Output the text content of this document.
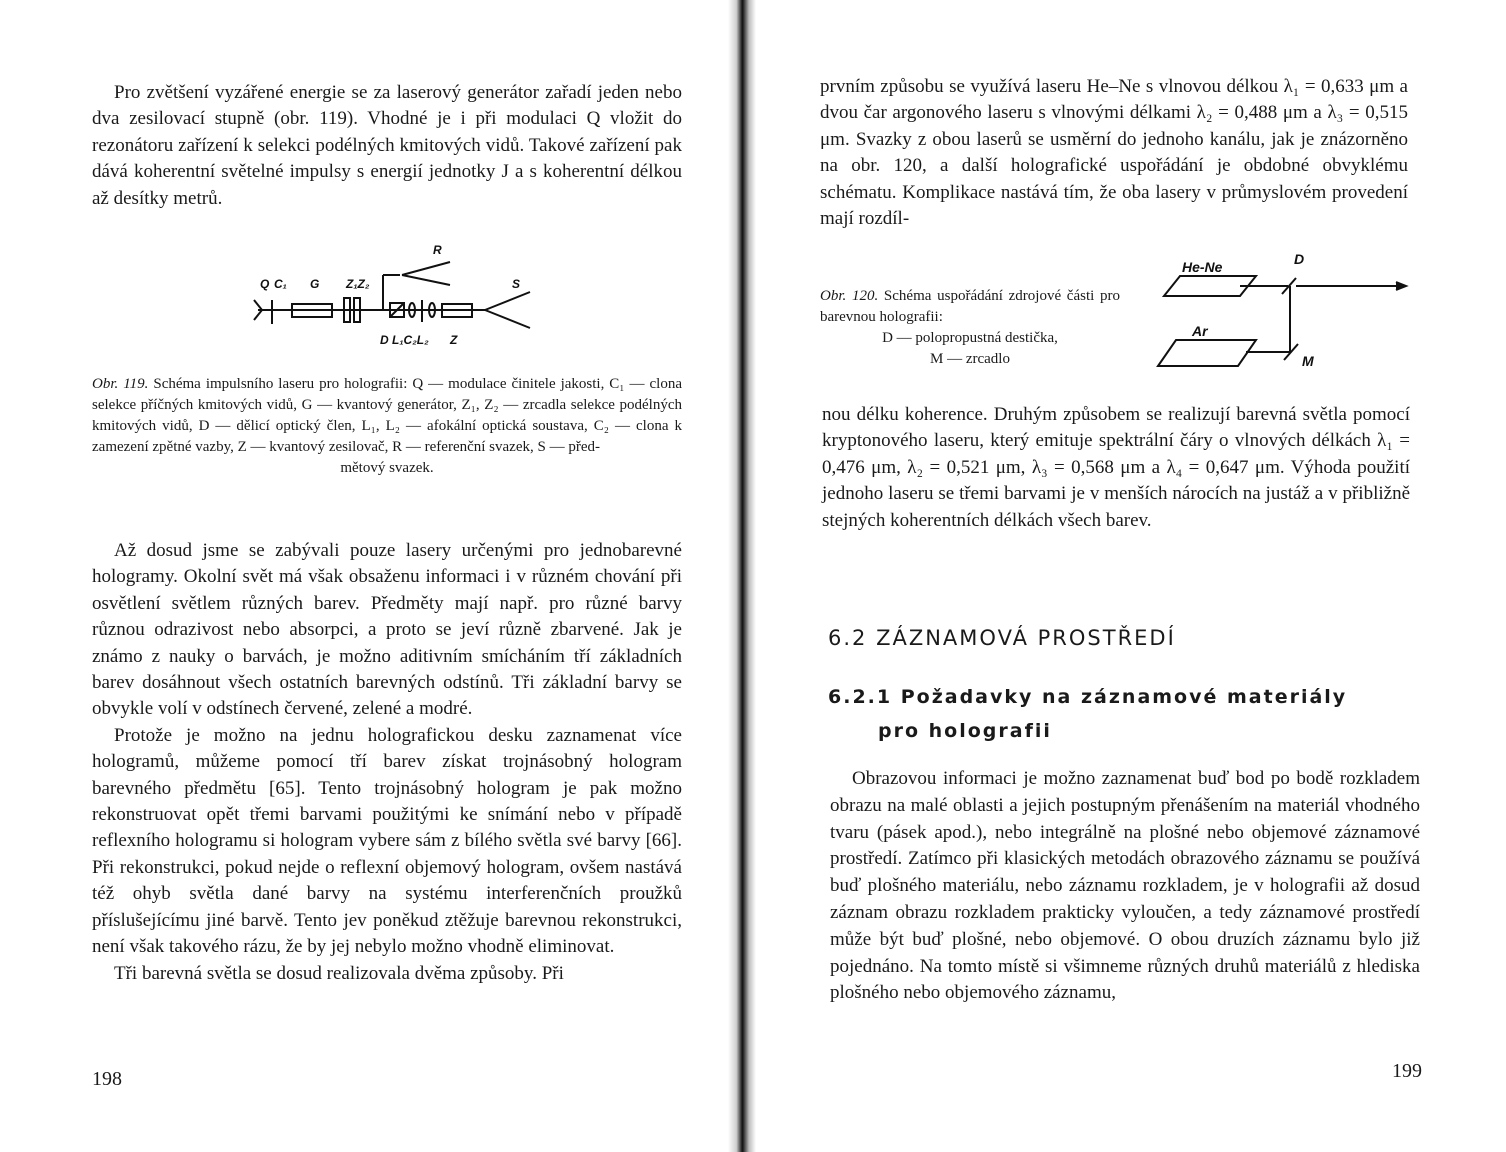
Pro zvětšení vyzářené energie se za laserový generátor zařadí jeden nebo dva zesilovací stupně (obr. 119). Vhodné je i při modulaci Q vložit do rezonátoru zařízení k selekci podélných kmitových vidů. Takové zařízení pak dává koherentní světelné impulsy s energií jednotky J a s koherentní délkou až desítky metrů.

Q C₁ G Z₁Z₂
R
S
D L₁C₂L₂ Z
Obr. 119. Schéma impulsního laseru pro holografii: Q — modulace činitele jakosti, C₁ — clona selekce příčných kmitových vidů, G — kvantový generátor, Z₁, Z₂ — zrcadla selekce podélných kmitových vidů, D — dělicí optický člen, L₁, L₂ — afokální optická soustava, C₂ — clona k zamezení zpětné vazby, Z — kvantový zesilovač, R — referenční svazek, S — před-
mětový svazek.

Až dosud jsme se zabývali pouze lasery určenými pro jednobarevné hologramy. Okolní svět má však obsaženu informaci i v různém chování při osvětlení světlem různých barev. Předměty mají např. pro různé barvy různou odrazivost nebo absorpci, a proto se jeví různě zbarvené. Jak je známo z nauky o barvách, je možno aditivním smícháním tří základních barev dosáhnout všech ostatních barevných odstínů. Tři základní barvy se obvykle volí v odstínech červené, zelené a modré.

Protože je možno na jednu holografickou desku zaznamenat více hologramů, můžeme pomocí tří barev získat trojnásobný hologram barevného předmětu [65]. Tento trojnásobný hologram je pak možno rekonstruovat opět třemi barvami použitými ke snímání nebo v případě reflexního hologramu si hologram vybere sám z bílého světla své barvy [66]. Při rekonstrukci, pokud nejde o reflexní objemový hologram, ovšem nastává též ohyb světla dané barvy na systému interferenčních proužků příslušejícímu jiné barvě. Tento jev poněkud ztěžuje barevnou rekonstrukci, není však takového rázu, že by jej nebylo možno vhodně eliminovat.

Tři barevná světla se dosud realizovala dvěma způsoby. Při

198

prvním způsobu se využívá laseru He–Ne s vlnovou délkou λ₁ = 0,633 μm a dvou čar argonového laseru s vlnovými délkami λ₂ = 0,488 μm a λ₃ = 0,515 μm. Svazky z obou laserů se usměrní do jednoho kanálu, jak je znázorněno na obr. 120, a další holografické uspořádání je obdobné obvyklému schématu. Komplikace nastává tím, že oba lasery v průmyslovém provedení mají rozdíl-

Obr. 120. Schéma uspořádání zdrojové části pro barevnou holografii:
D — polopropustná destička,
M — zrcadlo
He-Ne	D
Ar
M

nou délku koherence. Druhým způsobem se realizují barevná světla pomocí kryptonového laseru, který emituje spektrální čáry o vlnových délkách λ₁ = 0,476 μm, λ₂ = 0,521 μm, λ₃ = 0,568 μm a λ₄ = 0,647 μm. Výhoda použití jednoho laseru se třemi barvami je v menších nárocích na justáž a v přibližně stejných koherentních délkách všech barev.

6.2 ZÁZNAMOVÁ PROSTŘEDÍ
6.2.1 Požadavky na záznamové materiály
pro holografii

Obrazovou informaci je možno zaznamenat buď bod po bodě rozkladem obrazu na malé oblasti a jejich postupným přenášením na materiál vhodného tvaru (pásek apod.), nebo integrálně na plošné nebo objemové záznamové prostředí. Zatímco při klasických metodách obrazového záznamu se používá buď plošného materiálu, nebo záznamu rozkladem, je v holografii až dosud záznam obrazu rozkladem prakticky vyloučen, a tedy záznamové prostředí může být buď plošné, nebo objemové. O obou druzích záznamu bylo již pojednáno. Na tomto místě si všimneme různých druhů materiálů z hlediska plošného nebo objemového záznamu,

199
